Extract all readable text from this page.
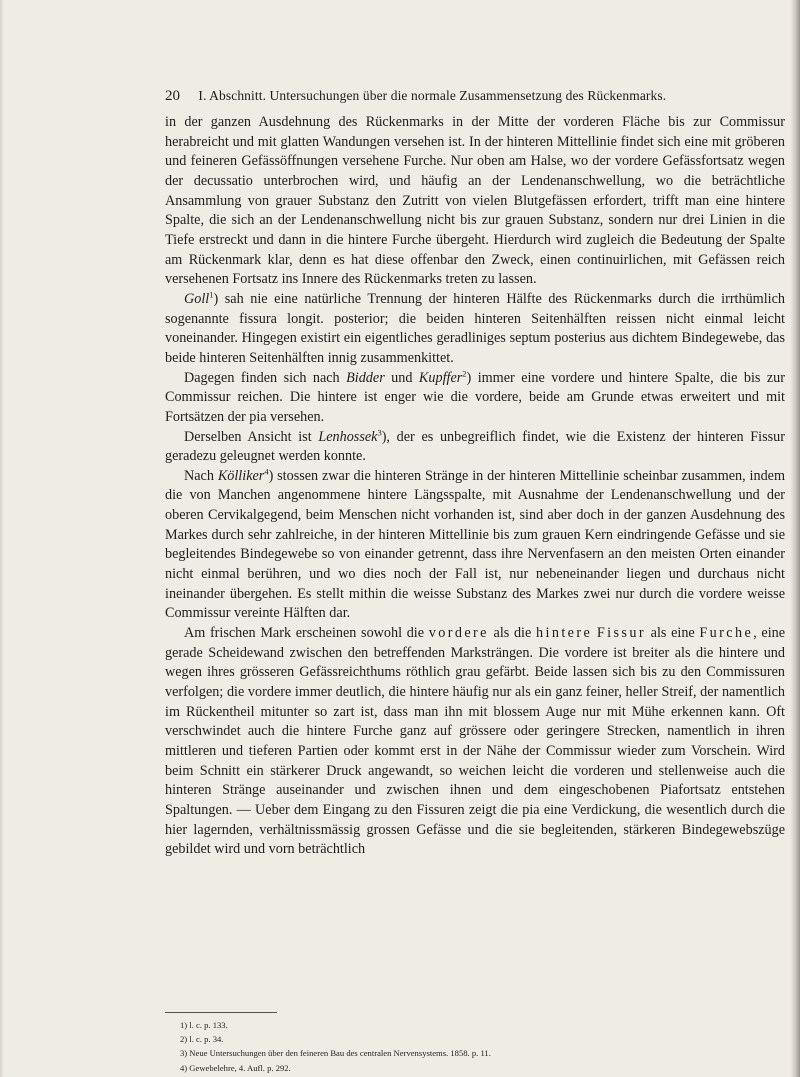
20 I. Abschnitt. Untersuchungen über die normale Zusammensetzung des Rückenmarks.

in der ganzen Ausdehnung des Rückenmarks in der Mitte der vorderen Fläche bis zur Commissur herabreicht und mit glatten Wandungen versehen ist. In der hinteren Mittellinie findet sich eine mit gröberen und feineren Gefässöffnungen versehene Furche. Nur oben am Halse, wo der vordere Gefässfortsatz wegen der decussatio unterbrochen wird, und häufig an der Lendenanschwellung, wo die beträchtliche Ansammlung von grauer Substanz den Zutritt von vielen Blutgefässen erfordert, trifft man eine hintere Spalte, die sich an der Lendenanschwellung nicht bis zur grauen Substanz, sondern nur drei Linien in die Tiefe erstreckt und dann in die hintere Furche übergeht. Hierdurch wird zugleich die Bedeutung der Spalte am Rückenmark klar, denn es hat diese offenbar den Zweck, einen continuirlichen, mit Gefässen reich versehenen Fortsatz ins Innere des Rückenmarks treten zu lassen.

Goll$^1$) sah nie eine natürliche Trennung der hinteren Hälfte des Rückenmarks durch die irrthümlich sogenannte fissura longit. posterior; die beiden hinteren Seitenhälften reissen nicht einmal leicht voneinander. Hingegen existirt ein eigentliches geradliniges septum posterius aus dichtem Bindegewebe, das beide hinteren Seitenhälften innig zusammenkittet.

Dagegen finden sich nach Bidder und Kupffer$^2$) immer eine vordere und hintere Spalte, die bis zur Commissur reichen. Die hintere ist enger wie die vordere, beide am Grunde etwas erweitert und mit Fortsätzen der pia versehen.

Derselben Ansicht ist Lenhossek$^3$), der es unbegreiflich findet, wie die Existenz der hinteren Fissur geradezu geleugnet werden konnte.

Nach Kölliker$^4$) stossen zwar die hinteren Stränge in der hinteren Mittellinie scheinbar zusammen, indem die von Manchen angenommene hintere Längsspalte, mit Ausnahme der Lendenanschwellung und der oberen Cervikalgegend, beim Menschen nicht vorhanden ist, sind aber doch in der ganzen Ausdehnung des Markes durch sehr zahlreiche, in der hinteren Mittellinie bis zum grauen Kern eindringende Gefässe und sie begleitendes Bindegewebe so von einander getrennt, dass ihre Nervenfasern an den meisten Orten einander nicht einmal berühren, und wo dies noch der Fall ist, nur nebeneinander liegen und durchaus nicht ineinander übergehen. Es stellt mithin die weisse Substanz des Markes zwei nur durch die vordere weisse Commissur vereinte Hälften dar.

Am frischen Mark erscheinen sowohl die vordere als die hintere Fissur als eine Furche, eine gerade Scheidewand zwischen den betreffenden Marksträngen. Die vordere ist breiter als die hintere und wegen ihres grösseren Gefässreichthums röthlich grau gefärbt. Beide lassen sich bis zu den Commissuren verfolgen; die vordere immer deutlich, die hintere häufig nur als ein ganz feiner, heller Streif, der namentlich im Rückentheil mitunter so zart ist, dass man ihn mit blossem Auge nur mit Mühe erkennen kann. Oft verschwindet auch die hintere Furche ganz auf grössere oder geringere Strecken, namentlich in ihren mittleren und tieferen Partien oder kommt erst in der Nähe der Commissur wieder zum Vorschein. Wird beim Schnitt ein stärkerer Druck angewandt, so weichen leicht die vorderen und stellenweise auch die hinteren Stränge auseinander und zwischen ihnen und dem eingeschobenen Piafortsatz entstehen Spaltungen. — Ueber dem Eingang zu den Fissuren zeigt die pia eine Verdickung, die wesentlich durch die hier lagernden, verhältnissmässig grossen Gefässe und die sie begleitenden, stärkeren Bindegewebszüge gebildet wird und vorn beträchtlich

1) l. c. p. 133.
2) l. c. p. 34.
3) Neue Untersuchungen über den feineren Bau des centralen Nervensystems. 1858. p. 11.
4) Gewebelehre, 4. Aufl. p. 292.
